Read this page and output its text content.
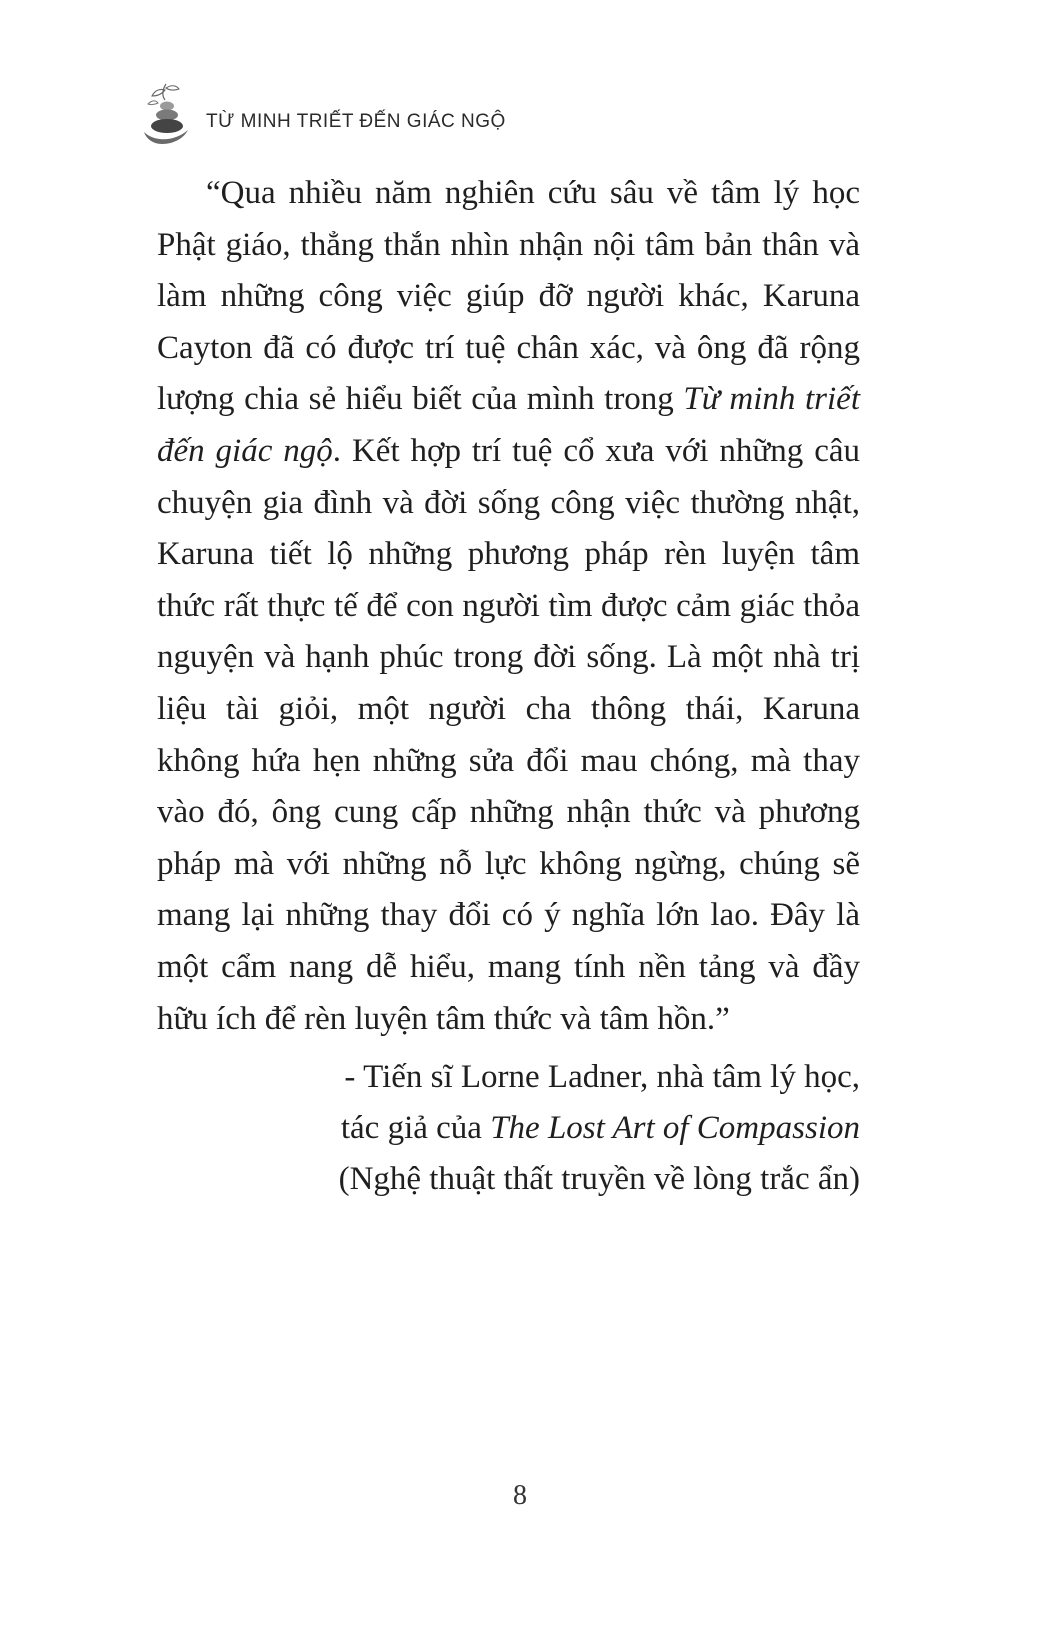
TỪ MINH TRIẾT ĐẾN GIÁC NGỘ

“Qua nhiều năm nghiên cứu sâu về tâm lý học Phật giáo, thẳng thắn nhìn nhận nội tâm bản thân và làm những công việc giúp đỡ người khác, Karuna Cayton đã có được trí tuệ chân xác, và ông đã rộng lượng chia sẻ hiểu biết của mình trong Từ minh triết đến giác ngộ. Kết hợp trí tuệ cổ xưa với những câu chuyện gia đình và đời sống công việc thường nhật, Karuna tiết lộ những phương pháp rèn luyện tâm thức rất thực tế để con người tìm được cảm giác thỏa nguyện và hạnh phúc trong đời sống. Là một nhà trị liệu tài giỏi, một người cha thông thái, Karuna không hứa hẹn những sửa đổi mau chóng, mà thay vào đó, ông cung cấp những nhận thức và phương pháp mà với những nỗ lực không ngừng, chúng sẽ mang lại những thay đổi có ý nghĩa lớn lao. Đây là một cẩm nang dễ hiểu, mang tính nền tảng và đầy hữu ích để rèn luyện tâm thức và tâm hồn.”

- Tiến sĩ Lorne Ladner, nhà tâm lý học,
tác giả của The Lost Art of Compassion
(Nghệ thuật thất truyền về lòng trắc ẩn)
8
